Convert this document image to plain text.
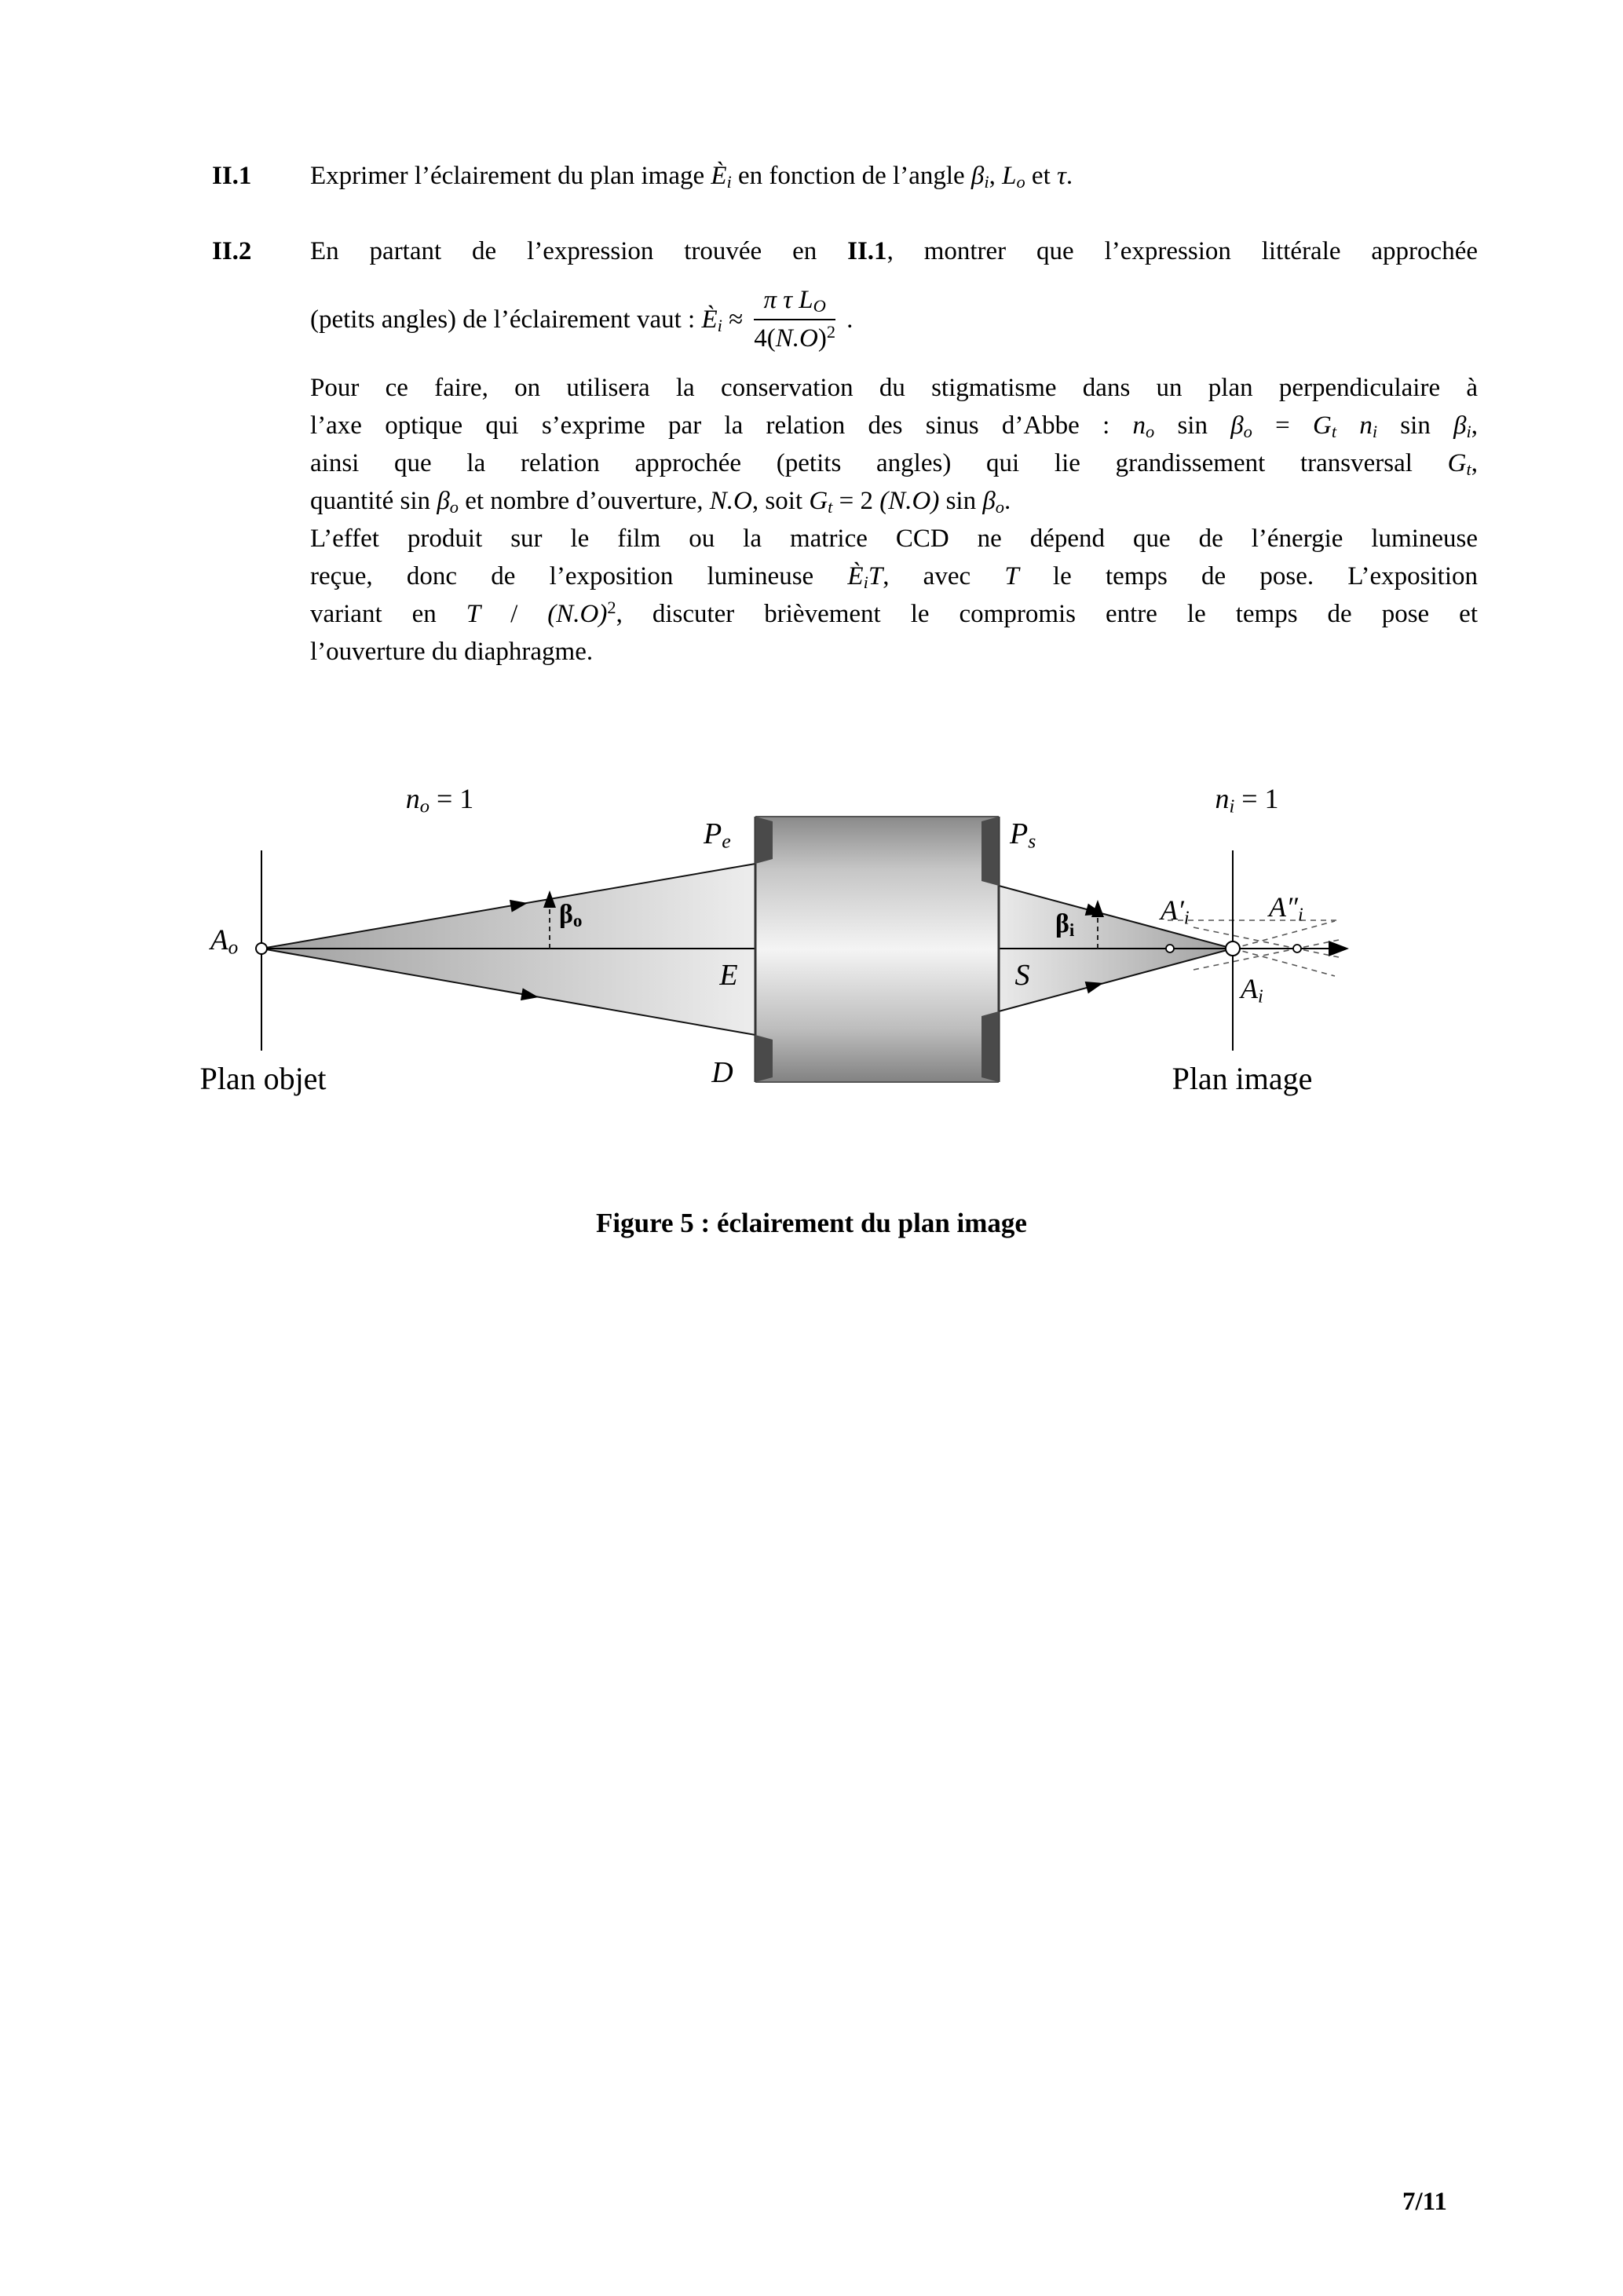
II.1 Exprimer l’éclairement du plan image $È_i$ en fonction de l’angle $\beta_i$, $L_o$ et τ.
II.2 En partant de l’expression trouvée en II.1, montrer que l’expression littérale approchée
(petits angles) de l’éclairement vaut : $È_i \approx \frac{\pi \tau L_O}{4(N.O)^2}$ .
Pour ce faire, on utilisera la conservation du stigmatisme dans un plan perpendiculaire à
l’axe optique qui s’exprime par la relation des sinus d’Abbe : $n_o$ $\sin \beta_o = G_t$ $n_i$ $\sin \beta_i$,
ainsi que la relation approchée (petits angles) qui lie grandissement transversal $G_t$,
quantité $\sin \beta_o$ et nombre d’ouverture, N.O, soit $G_t = 2$ (N.O) $\sin \beta_o$.
L’effet produit sur le film ou la matrice CCD ne dépend que de l’énergie lumineuse
reçue, donc de l’exposition lumineuse $È_iT$, avec T le temps de pose. L’exposition
variant en T / $(N.O)^2$, discuter brièvement le compromis entre le temps de pose et
l’ouverture du diaphragme.
$n_o = 1$	$n_i = 1$
$P_e$	$P_s$
$A_o$
$\beta_o$	$\beta_i$
E	S
D
$A'_i$	$A''_i$
$A_i$
Plan objet	Plan image
Figure 5 : éclairement du plan image
7/11
